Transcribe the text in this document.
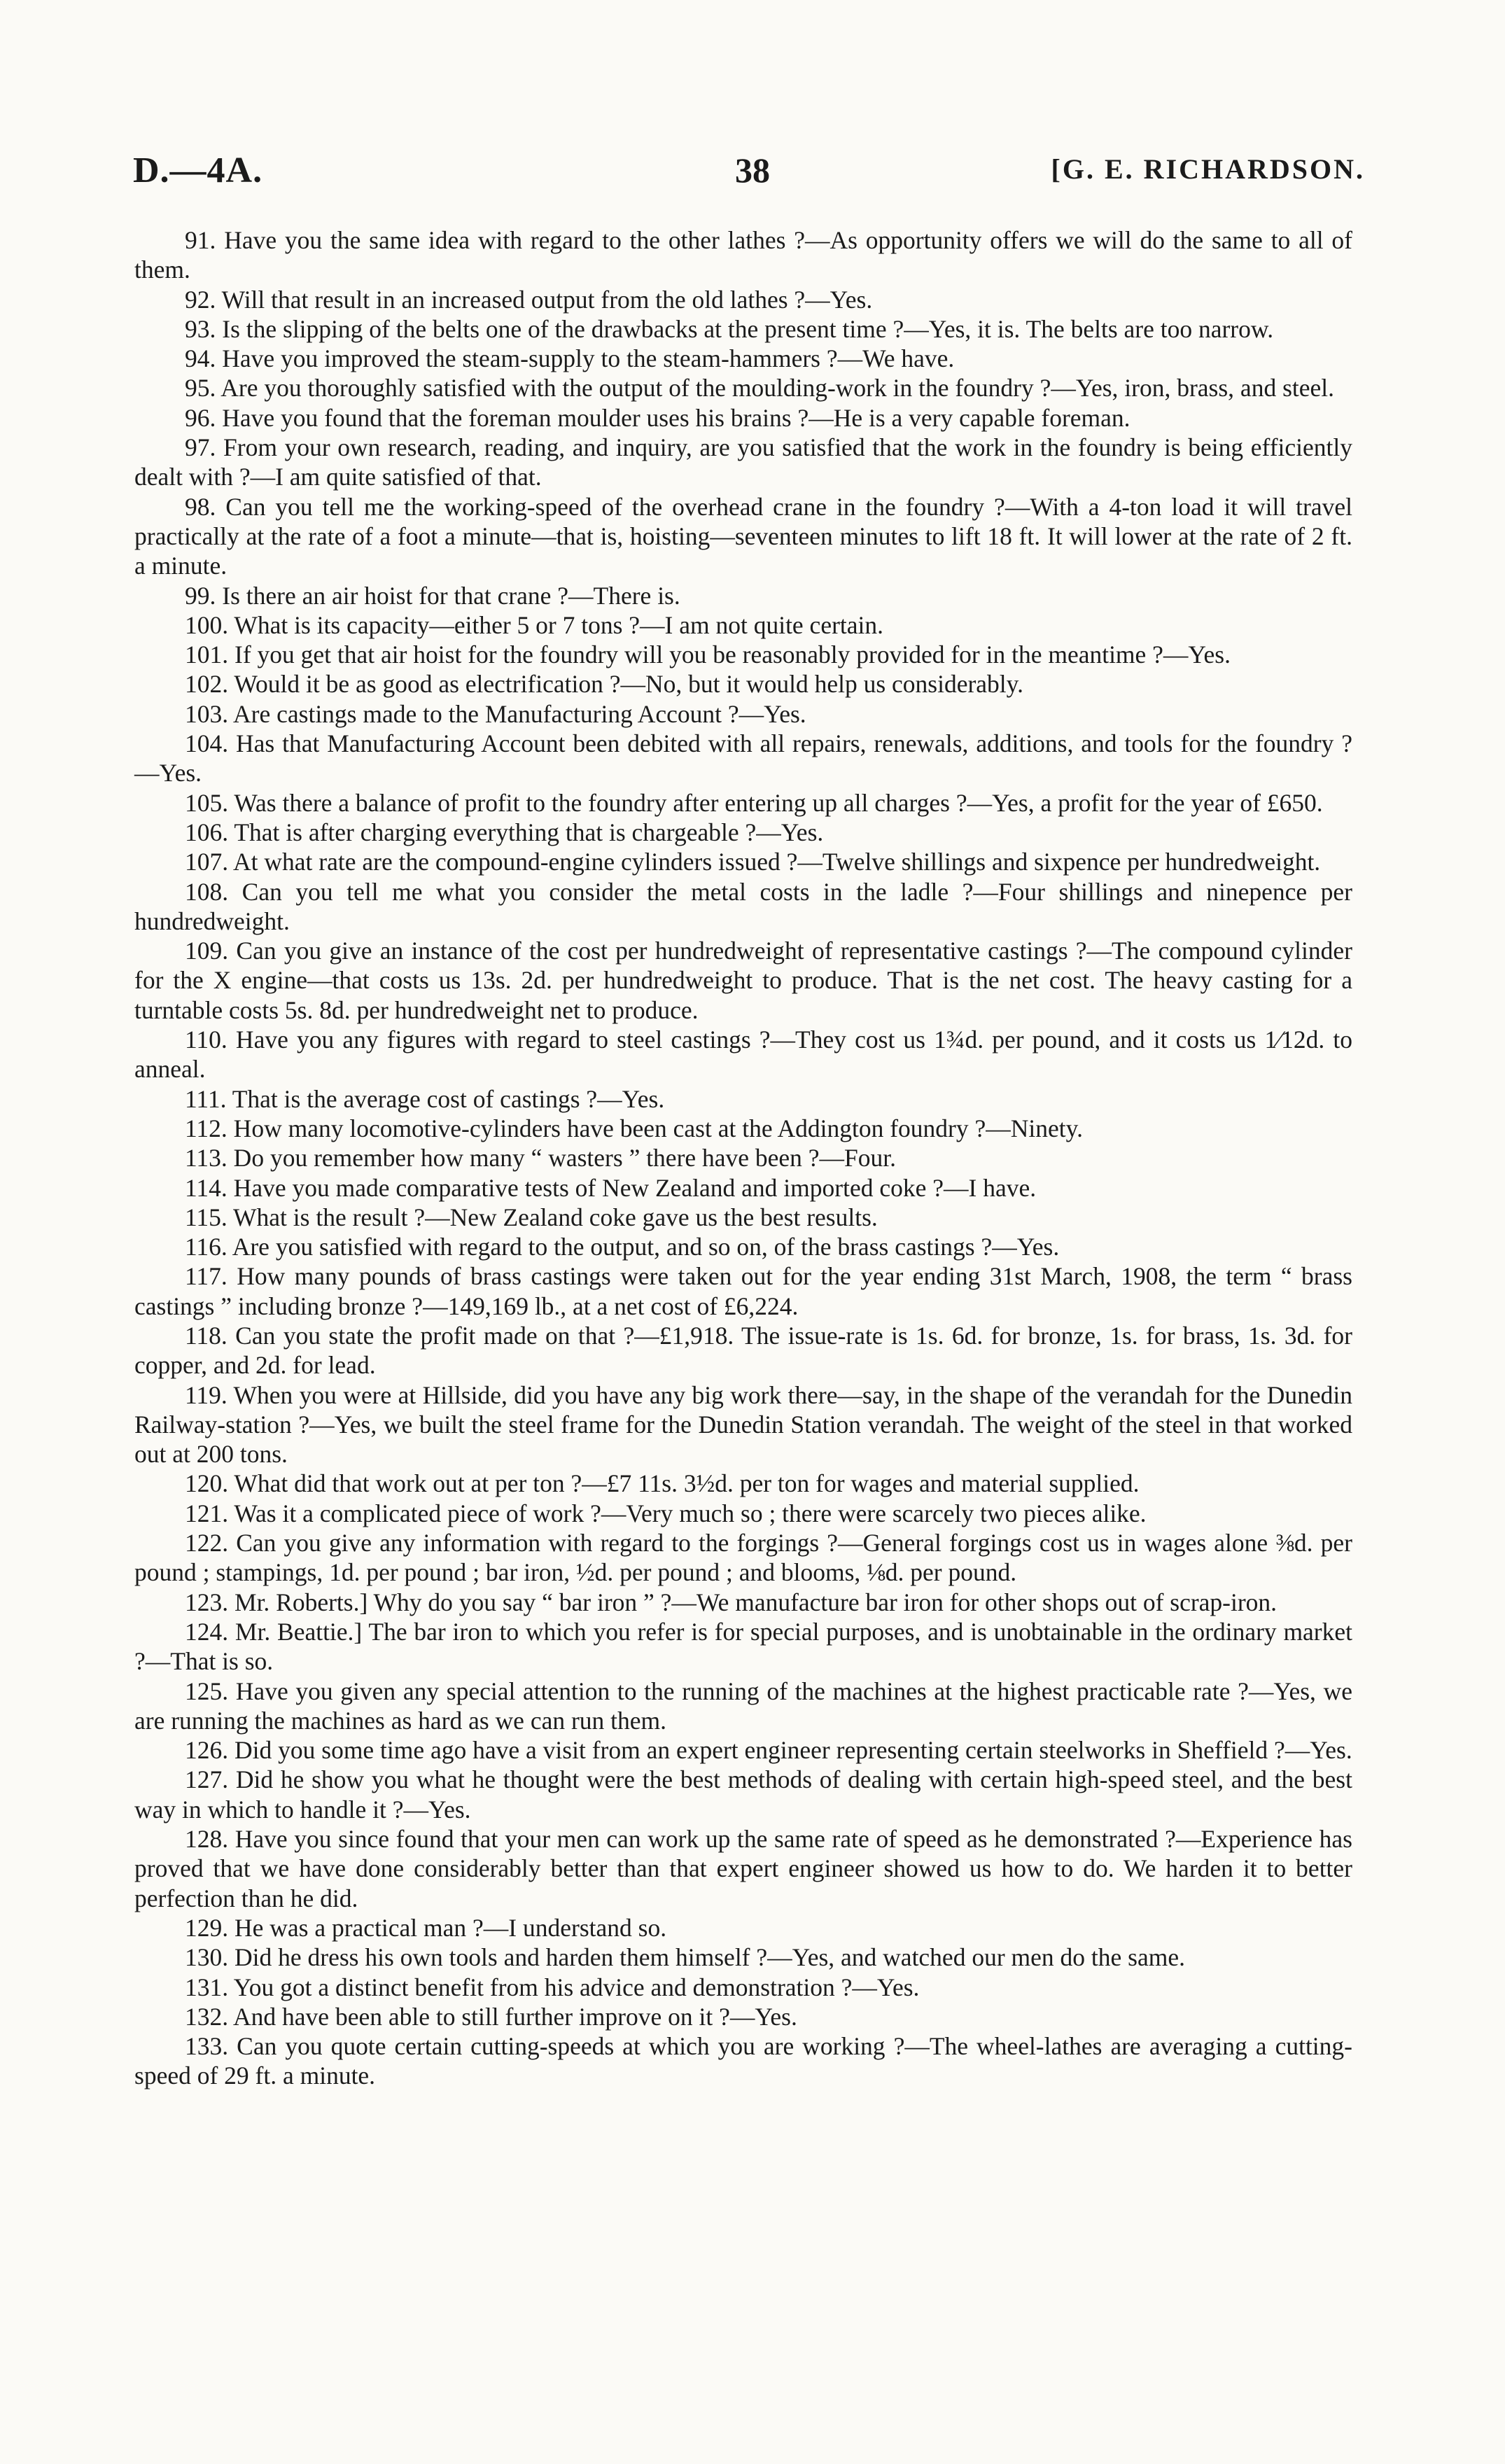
D.—4A.	38	[G. E. RICHARDSON.

91. Have you the same idea with regard to the other lathes ?—As opportunity offers we will do the same to all of them.

92. Will that result in an increased output from the old lathes ?—Yes.

93. Is the slipping of the belts one of the drawbacks at the present time ?—Yes, it is. The belts are too narrow.

94. Have you improved the steam-supply to the steam-hammers ?—We have.

95. Are you thoroughly satisfied with the output of the moulding-work in the foundry ?—Yes, iron, brass, and steel.

96. Have you found that the foreman moulder uses his brains ?—He is a very capable foreman.

97. From your own research, reading, and inquiry, are you satisfied that the work in the foundry is being efficiently dealt with ?—I am quite satisfied of that.

98. Can you tell me the working-speed of the overhead crane in the foundry ?—With a 4-ton load it will travel practically at the rate of a foot a minute—that is, hoisting—seventeen minutes to lift 18 ft. It will lower at the rate of 2 ft. a minute.

99. Is there an air hoist for that crane ?—There is.

100. What is its capacity—either 5 or 7 tons ?—I am not quite certain.

101. If you get that air hoist for the foundry will you be reasonably provided for in the meantime ?—Yes.

102. Would it be as good as electrification ?—No, but it would help us considerably.

103. Are castings made to the Manufacturing Account ?—Yes.

104. Has that Manufacturing Account been debited with all repairs, renewals, additions, and tools for the foundry ?—Yes.

105. Was there a balance of profit to the foundry after entering up all charges ?—Yes, a profit for the year of £650.

106. That is after charging everything that is chargeable ?—Yes.

107. At what rate are the compound-engine cylinders issued ?—Twelve shillings and sixpence per hundredweight.

108. Can you tell me what you consider the metal costs in the ladle ?—Four shillings and ninepence per hundredweight.

109. Can you give an instance of the cost per hundredweight of representative castings ?—The compound cylinder for the X engine—that costs us 13s. 2d. per hundredweight to produce. That is the net cost. The heavy casting for a turntable costs 5s. 8d. per hundredweight net to produce.

110. Have you any figures with regard to steel castings ?—They cost us 1¾d. per pound, and it costs us 1⁄12d. to anneal.

111. That is the average cost of castings ?—Yes.

112. How many locomotive-cylinders have been cast at the Addington foundry ?—Ninety.

113. Do you remember how many “ wasters ” there have been ?—Four.

114. Have you made comparative tests of New Zealand and imported coke ?—I have.

115. What is the result ?—New Zealand coke gave us the best results.

116. Are you satisfied with regard to the output, and so on, of the brass castings ?—Yes.

117. How many pounds of brass castings were taken out for the year ending 31st March, 1908, the term “ brass castings ” including bronze ?—149,169 lb., at a net cost of £6,224.

118. Can you state the profit made on that ?—£1,918. The issue-rate is 1s. 6d. for bronze, 1s. for brass, 1s. 3d. for copper, and 2d. for lead.

119. When you were at Hillside, did you have any big work there—say, in the shape of the verandah for the Dunedin Railway-station ?—Yes, we built the steel frame for the Dunedin Station verandah. The weight of the steel in that worked out at 200 tons.

120. What did that work out at per ton ?—£7 11s. 3½d. per ton for wages and material supplied.

121. Was it a complicated piece of work ?—Very much so ; there were scarcely two pieces alike.

122. Can you give any information with regard to the forgings ?—General forgings cost us in wages alone ⅜d. per pound ; stampings, 1d. per pound ; bar iron, ½d. per pound ; and blooms, ⅛d. per pound.

123. Mr. Roberts.] Why do you say “ bar iron ” ?—We manufacture bar iron for other shops out of scrap-iron.

124. Mr. Beattie.] The bar iron to which you refer is for special purposes, and is unobtainable in the ordinary market ?—That is so.

125. Have you given any special attention to the running of the machines at the highest practicable rate ?—Yes, we are running the machines as hard as we can run them.

126. Did you some time ago have a visit from an expert engineer representing certain steelworks in Sheffield ?—Yes.

127. Did he show you what he thought were the best methods of dealing with certain high-speed steel, and the best way in which to handle it ?—Yes.

128. Have you since found that your men can work up the same rate of speed as he demonstrated ?—Experience has proved that we have done considerably better than that expert engineer showed us how to do. We harden it to better perfection than he did.

129. He was a practical man ?—I understand so.

130. Did he dress his own tools and harden them himself ?—Yes, and watched our men do the same.

131. You got a distinct benefit from his advice and demonstration ?—Yes.

132. And have been able to still further improve on it ?—Yes.

133. Can you quote certain cutting-speeds at which you are working ?—The wheel-lathes are averaging a cutting-speed of 29 ft. a minute.
